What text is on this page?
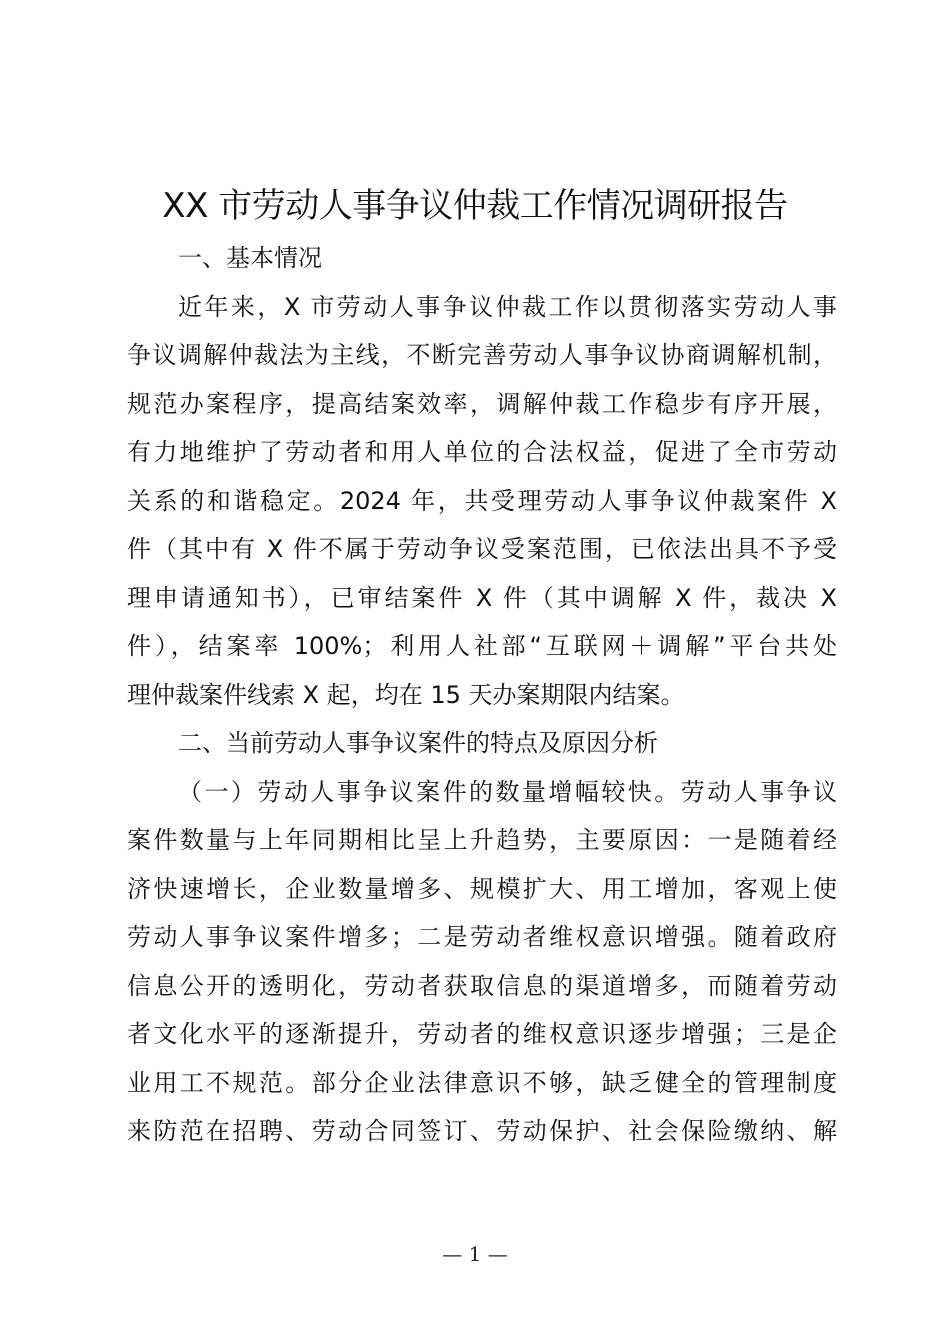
XX 市劳动人事争议仲裁工作情况调研报告
一、基本情况
近年来，X 市劳动人事争议仲裁工作以贯彻落实劳动人事
争议调解仲裁法为主线，不断完善劳动人事争议协商调解机制，
规范办案程序，提高结案效率，调解仲裁工作稳步有序开展，
有力地维护了劳动者和用人单位的合法权益，促进了全市劳动
关系的和谐稳定。2024 年，共受理劳动人事争议仲裁案件 X
件（其中有 X 件不属于劳动争议受案范围，已依法出具不予受
理申请通知书），已审结案件 X 件（其中调解 X 件，裁决 X
件），结案率 100%；利用人社部“互联网＋调解”平台共处
理仲裁案件线索 X 起，均在 15 天办案期限内结案。
二、当前劳动人事争议案件的特点及原因分析
（一）劳动人事争议案件的数量增幅较快。劳动人事争议
案件数量与上年同期相比呈上升趋势，主要原因：一是随着经
济快速增长，企业数量增多、规模扩大、用工增加，客观上使
劳动人事争议案件增多；二是劳动者维权意识增强。随着政府
信息公开的透明化，劳动者获取信息的渠道增多，而随着劳动
者文化水平的逐渐提升，劳动者的维权意识逐步增强；三是企
业用工不规范。部分企业法律意识不够，缺乏健全的管理制度
来防范在招聘、劳动合同签订、劳动保护、社会保险缴纳、解
— 1 —
